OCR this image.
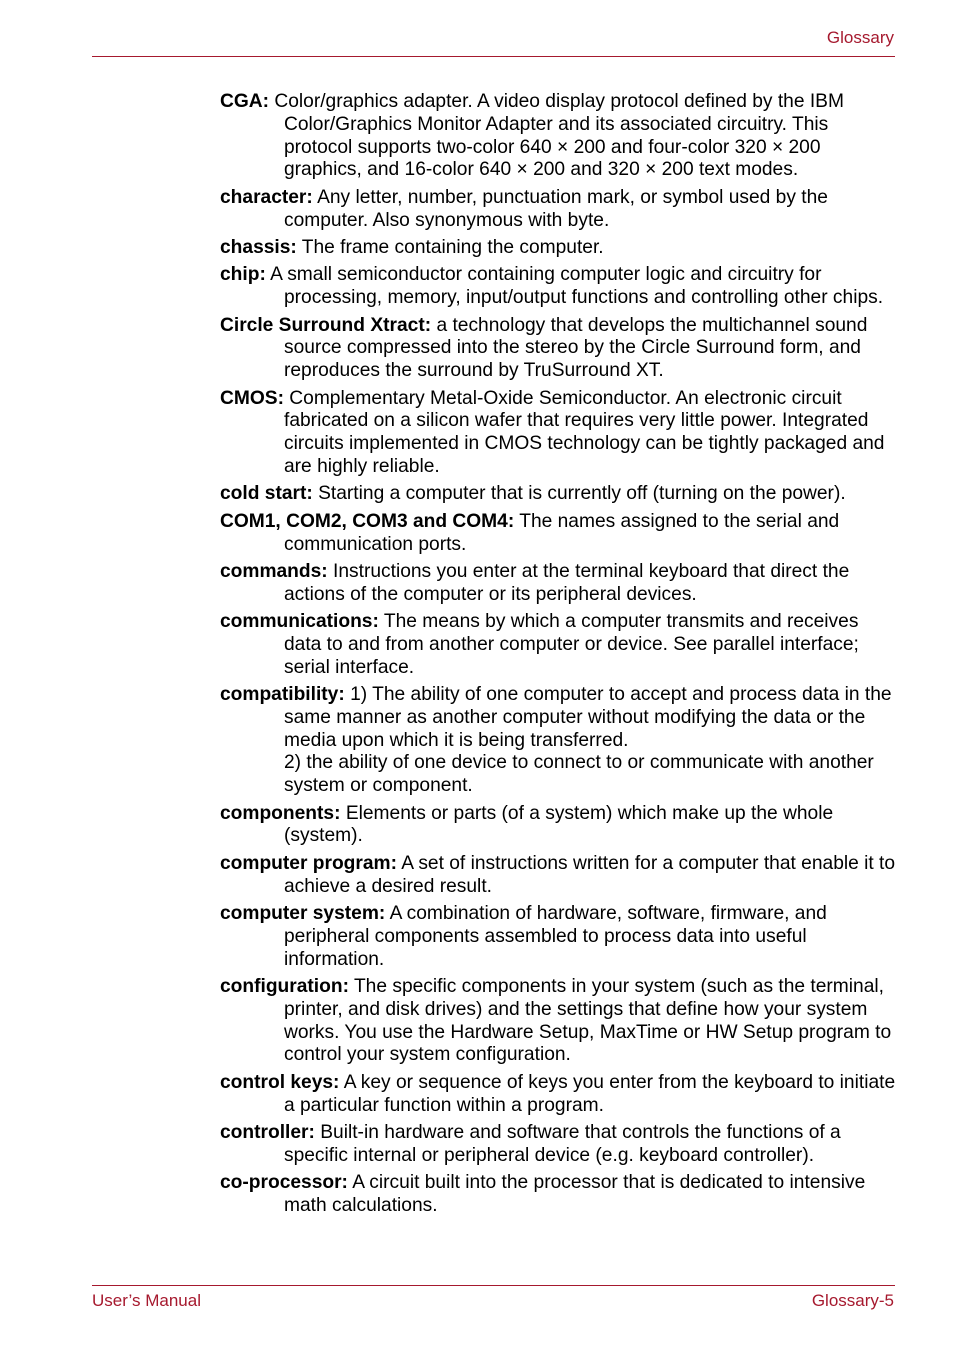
Glossary

CGA: Color/graphics adapter. A video display protocol defined by the IBM Color/Graphics Monitor Adapter and its associated circuitry. This protocol supports two-color 640 × 200 and four-color 320 × 200 graphics, and 16-color 640 × 200 and 320 × 200 text modes.

character: Any letter, number, punctuation mark, or symbol used by the computer. Also synonymous with byte.

chassis: The frame containing the computer.

chip: A small semiconductor containing computer logic and circuitry for processing, memory, input/output functions and controlling other chips.

Circle Surround Xtract: a technology that develops the multichannel sound source compressed into the stereo by the Circle Surround form, and reproduces the surround by TruSurround XT.

CMOS: Complementary Metal-Oxide Semiconductor. An electronic circuit fabricated on a silicon wafer that requires very little power. Integrated circuits implemented in CMOS technology can be tightly packaged and are highly reliable.

cold start: Starting a computer that is currently off (turning on the power).

COM1, COM2, COM3 and COM4: The names assigned to the serial and communication ports.

commands: Instructions you enter at the terminal keyboard that direct the actions of the computer or its peripheral devices.

communications: The means by which a computer transmits and receives data to and from another computer or device. See parallel interface; serial interface.

compatibility: 1) The ability of one computer to accept and process data in the same manner as another computer without modifying the data or the media upon which it is being transferred.
2) the ability of one device to connect to or communicate with another system or component.

components: Elements or parts (of a system) which make up the whole (system).

computer program: A set of instructions written for a computer that enable it to achieve a desired result.

computer system: A combination of hardware, software, firmware, and peripheral components assembled to process data into useful information.

configuration: The specific components in your system (such as the terminal, printer, and disk drives) and the settings that define how your system works. You use the Hardware Setup, MaxTime or HW Setup program to control your system configuration.

control keys: A key or sequence of keys you enter from the keyboard to initiate a particular function within a program.

controller: Built-in hardware and software that controls the functions of a specific internal or peripheral device (e.g. keyboard controller).

co-processor: A circuit built into the processor that is dedicated to intensive math calculations.

User’s Manual	Glossary-5
